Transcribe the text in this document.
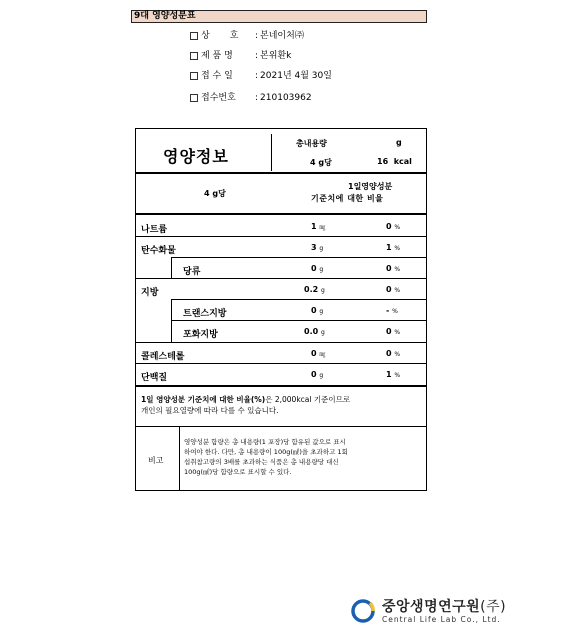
9대 영양성분표
상       호	: 본네이처㈜
제 품 명	: 본위환k
접 수 일	: 2021년 4월 30일
접수번호	: 210103962
영양정보
총내용량	g
4 g당	16  kcal
4 g당
1일영양성분
기준치에 대한 비율
나트륨	1 ㎎	0 %
탄수화물	3 g	1 %
당류	0 g	0 %
지방	0.2 g	0 %
트랜스지방	0 g	- %
포화지방	0.0 g	0 %
콜레스테롤	0 ㎎	0 %
단백질	0 g	1 %
1일 영양성분 기준치에 대한 비율(%)은 2,000kcal 기준이므로
개인의 필요열량에 따라 다를 수 있습니다.
비고
영양성분 함량은 총 내용량(1 포장)당 함유된 값으로 표시
하여야 한다. 다만, 총 내용량이 100g(㎖)을 초과하고 1회
섭취참고량의 3배를 초과하는 식품은 총 내용량당 대신
100g(㎖)당 함량으로 표시할 수 있다.
중앙생명연구원(주)
Central Life Lab Co., Ltd.
